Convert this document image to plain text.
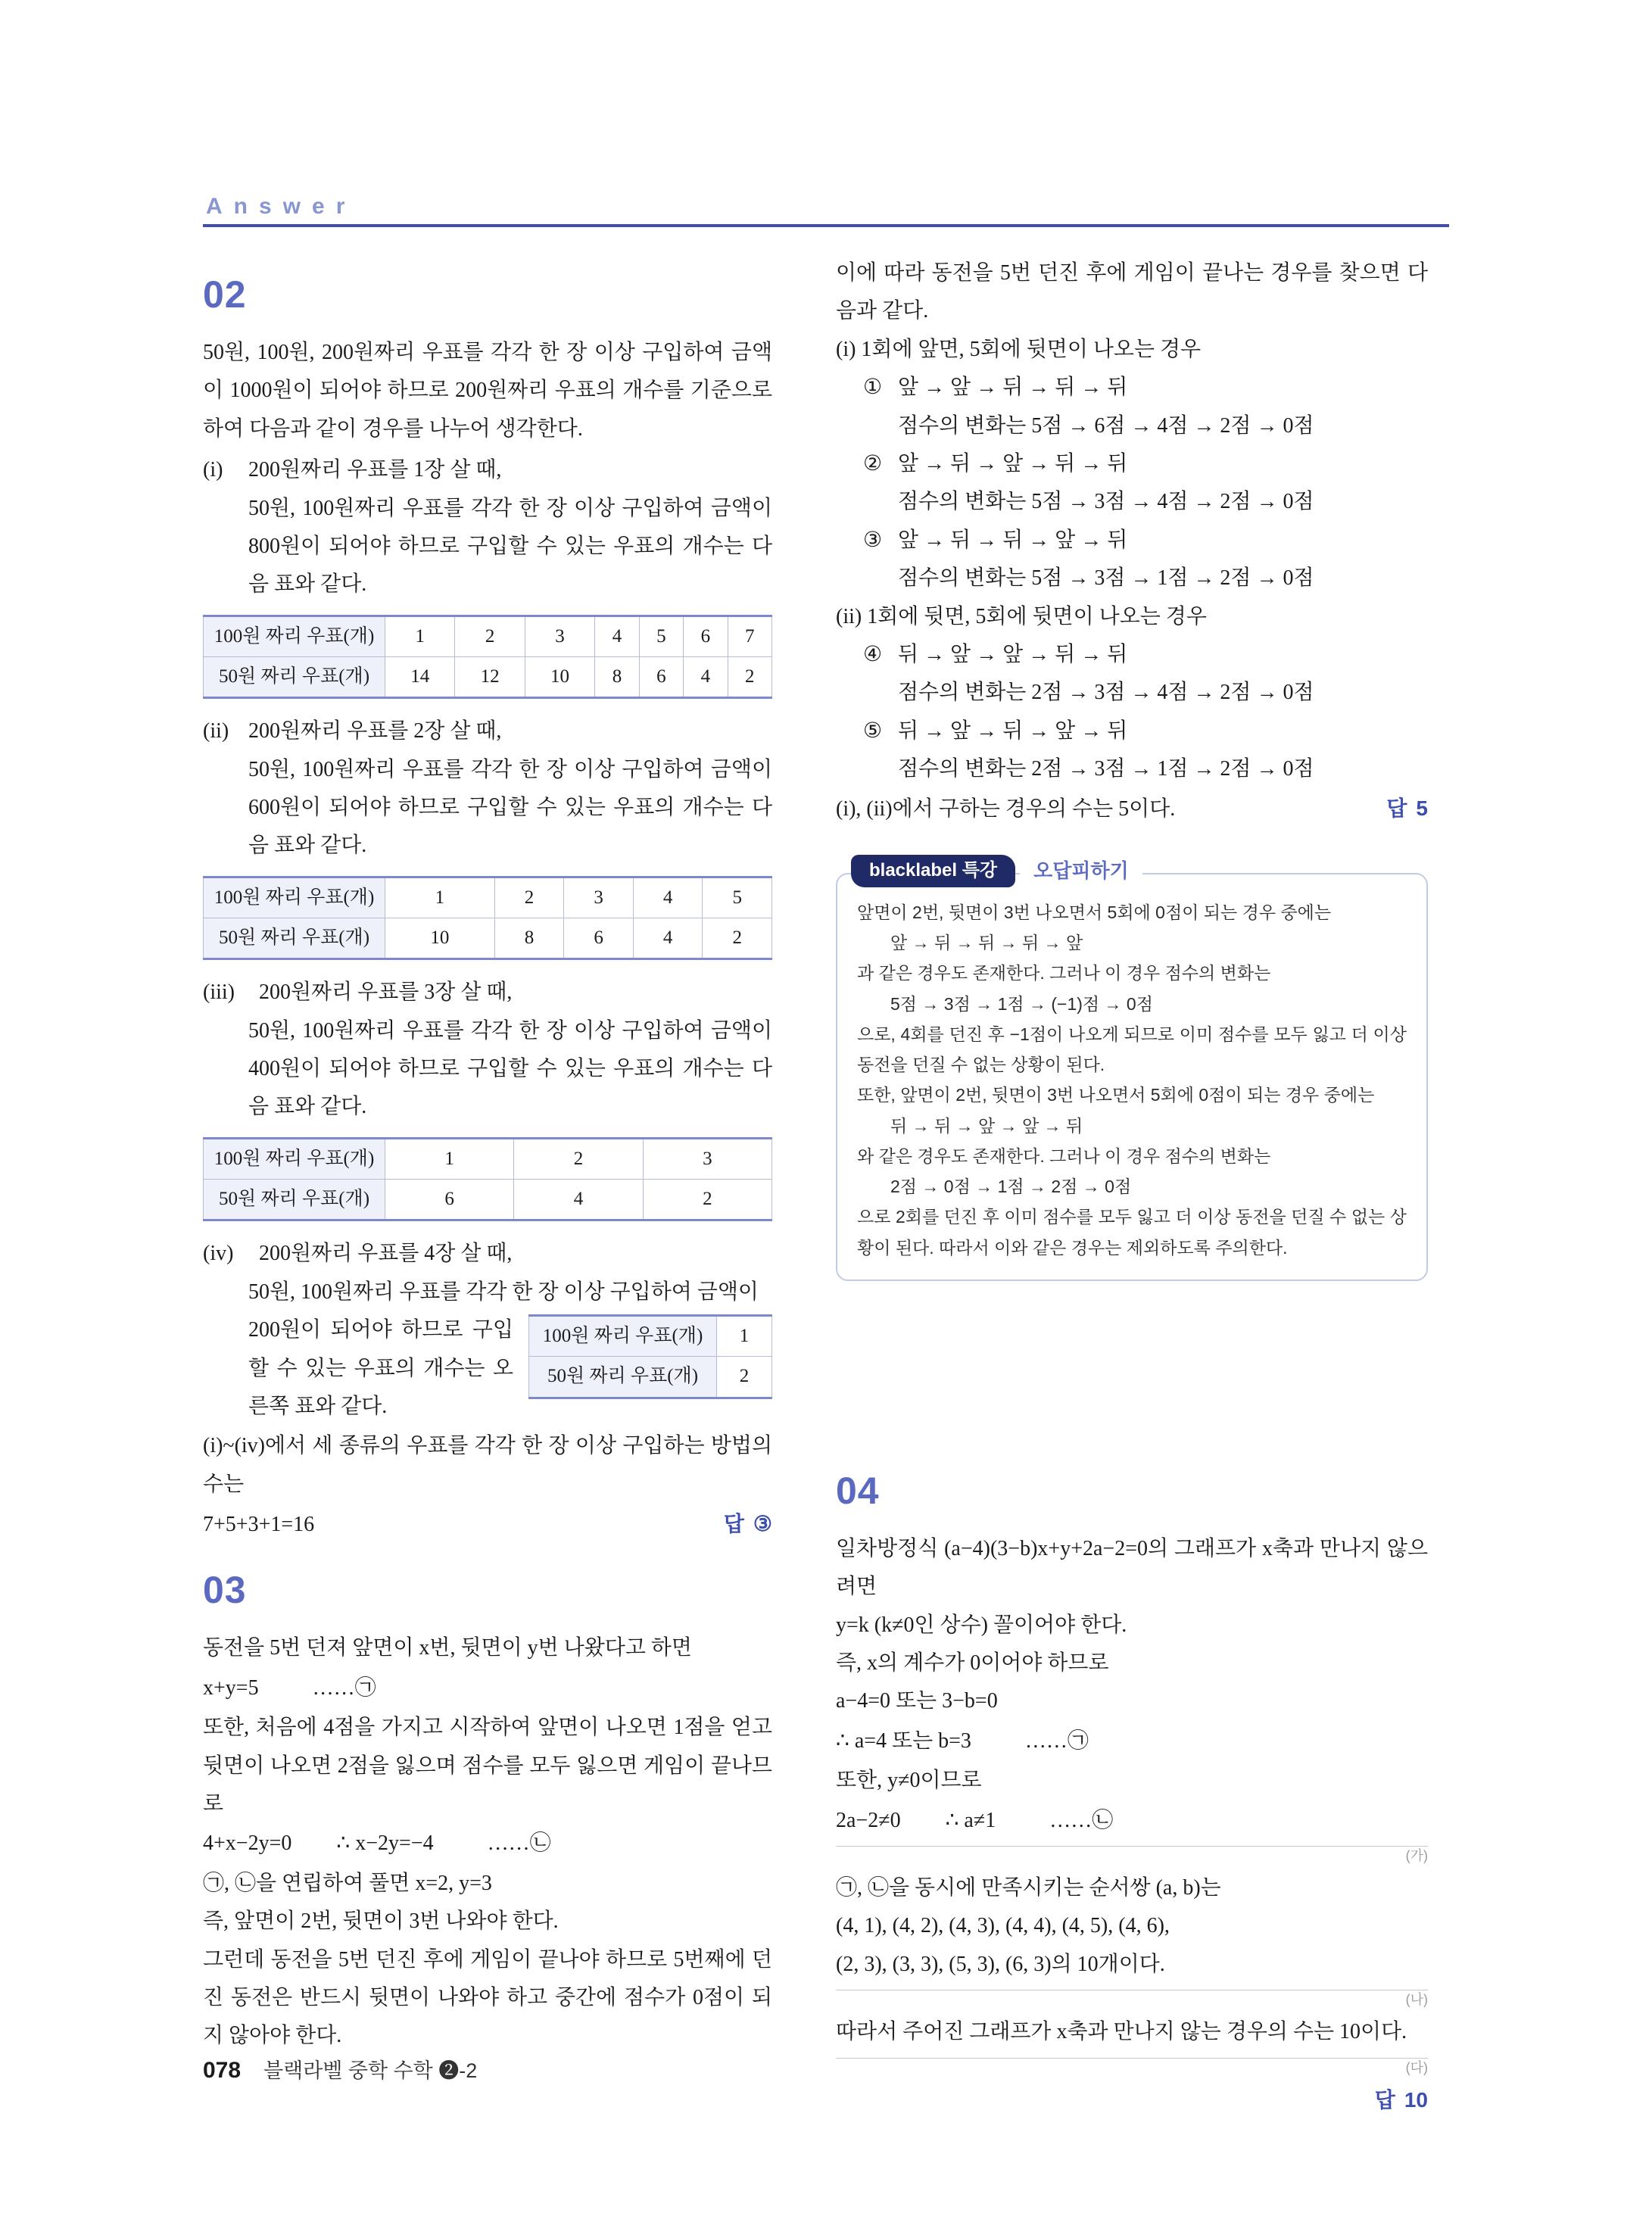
Answer
02

50원, 100원, 200원짜리 우표를 각각 한 장 이상 구입하여 금액이 1000원이 되어야 하므로 200원짜리 우표의 개수를 기준으로 하여 다음과 같이 경우를 나누어 생각한다.

(i)	200원짜리 우표를 1장 살 때,

50원, 100원짜리 우표를 각각 한 장 이상 구입하여 금액이 800원이 되어야 하므로 구입할 수 있는 우표의 개수는 다음 표와 같다.

100원 짜리 우표(개)	1	2	3	4	5	6	7
50원 짜리 우표(개)	14	12	10	8	6	4	2
(ii) 200원짜리 우표를 2장 살 때,

50원, 100원짜리 우표를 각각 한 장 이상 구입하여 금액이 600원이 되어야 하므로 구입할 수 있는 우표의 개수는 다음 표와 같다.

100원 짜리 우표(개)	1	2	3	4	5
50원 짜리 우표(개)	10	8	6	4	2
(iii)	200원짜리 우표를 3장 살 때,

50원, 100원짜리 우표를 각각 한 장 이상 구입하여 금액이 400원이 되어야 하므로 구입할 수 있는 우표의 개수는 다음 표와 같다.

100원 짜리 우표(개)	1	2	3
50원 짜리 우표(개)	6	4	2
(iv)	200원짜리 우표를 4장 살 때,

50원, 100원짜리 우표를 각각 한 장 이상 구입하여 금액이

100원 짜리 우표(개)	1
50원 짜리 우표(개)	2

200원이 되어야 하므로 구입할 수 있는 우표의 개수는 오른쪽 표와 같다.

(i)~(iv)에서 세 종류의 우표를 각각 한 장 이상 구입하는 방법의 수는

7+5+3+1=16	답 ③
03

동전을 5번 던져 앞면이 x번, 뒷면이 y번 나왔다고 하면

x+y=5	……㉠

또한, 처음에 4점을 가지고 시작하여 앞면이 나오면 1점을 얻고 뒷면이 나오면 2점을 잃으며 점수를 모두 잃으면 게임이 끝나므로

4+x−2y=0 ∴ x−2y=−4	……㉡

㉠, ㉡을 연립하여 풀면 x=2, y=3

즉, 앞면이 2번, 뒷면이 3번 나와야 한다.

그런데 동전을 5번 던진 후에 게임이 끝나야 하므로 5번째에 던진 동전은 반드시 뒷면이 나와야 하고 중간에 점수가 0점이 되지 않아야 한다.

이에 따라 동전을 5번 던진 후에 게임이 끝나는 경우를 찾으면 다음과 같다.

(i) 1회에 앞면, 5회에 뒷면이 나오는 경우

① 앞 → 앞 → 뒤 → 뒤 → 뒤

점수의 변화는 5점 → 6점 → 4점 → 2점 → 0점

② 앞 → 뒤 → 앞 → 뒤 → 뒤

점수의 변화는 5점 → 3점 → 4점 → 2점 → 0점

③ 앞 → 뒤 → 뒤 → 앞 → 뒤

점수의 변화는 5점 → 3점 → 1점 → 2점 → 0점

(ii) 1회에 뒷면, 5회에 뒷면이 나오는 경우

④ 뒤 → 앞 → 앞 → 뒤 → 뒤

점수의 변화는 2점 → 3점 → 4점 → 2점 → 0점

⑤ 뒤 → 앞 → 뒤 → 앞 → 뒤

점수의 변화는 2점 → 3점 → 1점 → 2점 → 0점

(i), (ii)에서 구하는 경우의 수는 5이다.	답 5
blacklabel 특강	오답피하기

앞면이 2번, 뒷면이 3번 나오면서 5회에 0점이 되는 경우 중에는

앞 → 뒤 → 뒤 → 뒤 → 앞

과 같은 경우도 존재한다. 그러나 이 경우 점수의 변화는

5점 → 3점 → 1점 → (−1)점 → 0점

으로, 4회를 던진 후 −1점이 나오게 되므로 이미 점수를 모두 잃고 더 이상 동전을 던질 수 없는 상황이 된다.

또한, 앞면이 2번, 뒷면이 3번 나오면서 5회에 0점이 되는 경우 중에는

뒤 → 뒤 → 앞 → 앞 → 뒤

와 같은 경우도 존재한다. 그러나 이 경우 점수의 변화는

2점 → 0점 → 1점 → 2점 → 0점

으로 2회를 던진 후 이미 점수를 모두 잃고 더 이상 동전을 던질 수 없는 상황이 된다. 따라서 이와 같은 경우는 제외하도록 주의한다.

04

일차방정식 (a−4)(3−b)x+y+2a−2=0의 그래프가 x축과 만나지 않으려면

y=k (k≠0인 상수) 꼴이어야 한다.

즉, x의 계수가 0이어야 하므로

a−4=0 또는 3−b=0

∴ a=4 또는 b=3	……㉠

또한, y≠0이므로

2a−2≠0 ∴ a≠1	……㉡
(가)

㉠, ㉡을 동시에 만족시키는 순서쌍 (a, b)는

(4, 1), (4, 2), (4, 3), (4, 4), (4, 5), (4, 6),

(2, 3), (3, 3), (5, 3), (6, 3)의 10개이다.

(나)

따라서 주어진 그래프가 x축과 만나지 않는 경우의 수는 10이다.

(다)
답 10
078 블랙라벨 중학 수학 ❷-2
